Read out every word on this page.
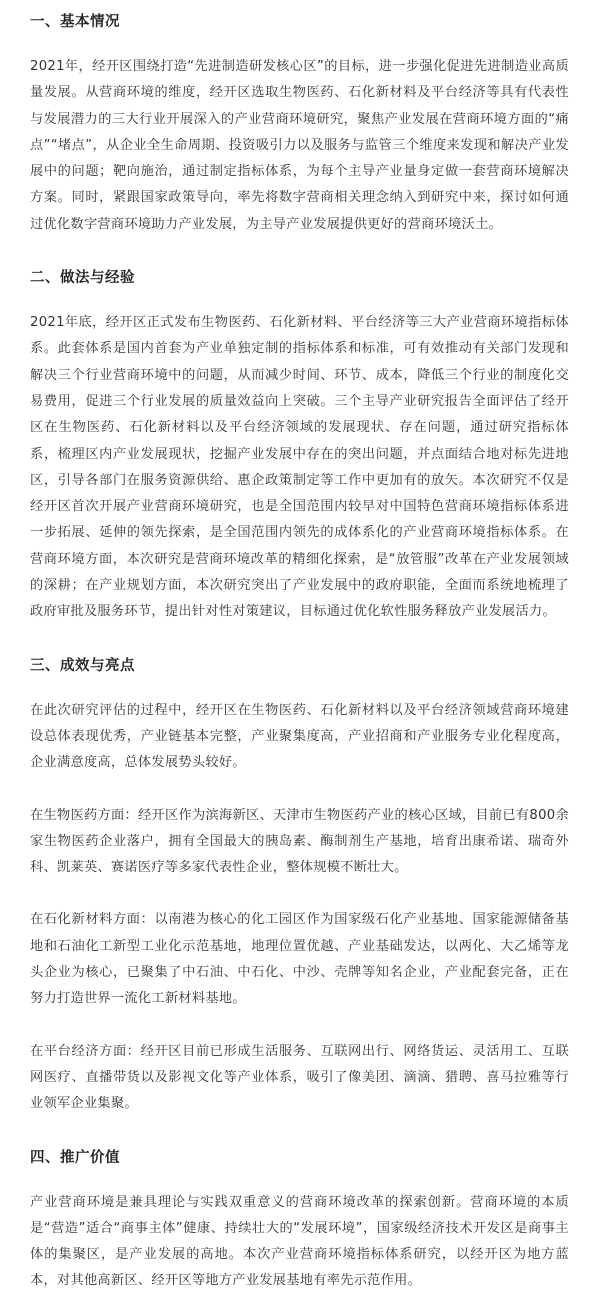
一、基本情况

2021年，经开区围绕打造“先进制造研发核心区”的目标，进一步强化促进先进制造业高质量发展。从营商环境的维度，经开区选取生物医药、石化新材料及平台经济等具有代表性与发展潜力的三大行业开展深入的产业营商环境研究，聚焦产业发展在营商环境方面的“痛点”“堵点”，从企业全生命周期、投资吸引力以及服务与监管三个维度来发现和解决产业发展中的问题；靶向施治，通过制定指标体系，为每个主导产业量身定做一套营商环境解决方案。同时，紧跟国家政策导向，率先将数字营商相关理念纳入到研究中来，探讨如何通过优化数字营商环境助力产业发展，为主导产业发展提供更好的营商环境沃土。

二、做法与经验

2021年底，经开区正式发布生物医药、石化新材料、平台经济等三大产业营商环境指标体系。此套体系是国内首套为产业单独定制的指标体系和标准，可有效推动有关部门发现和解决三个行业营商环境中的问题，从而减少时间、环节、成本，降低三个行业的制度化交易费用，促进三个行业发展的质量效益向上突破。三个主导产业研究报告全面评估了经开区在生物医药、石化新材料以及平台经济领域的发展现状、存在问题，通过研究指标体系，梳理区内产业发展现状，挖掘产业发展中存在的突出问题，并点面结合地对标先进地区，引导各部门在服务资源供给、惠企政策制定等工作中更加有的放矢。本次研究不仅是经开区首次开展产业营商环境研究，也是全国范围内较早对中国特色营商环境指标体系进一步拓展、延伸的领先探索，是全国范围内领先的成体系化的产业营商环境指标体系。在营商环境方面，本次研究是营商环境改革的精细化探索，是“放管服”改革在产业发展领域的深耕；在产业规划方面，本次研究突出了产业发展中的政府职能，全面而系统地梳理了政府审批及服务环节，提出针对性对策建议，目标通过优化软性服务释放产业发展活力。

三、成效与亮点

在此次研究评估的过程中，经开区在生物医药、石化新材料以及平台经济领域营商环境建设总体表现优秀，产业链基本完整，产业聚集度高，产业招商和产业服务专业化程度高，企业满意度高，总体发展势头较好。

在生物医药方面：经开区作为滨海新区、天津市生物医药产业的核心区域，目前已有800余家生物医药企业落户，拥有全国最大的胰岛素、酶制剂生产基地，培育出康希诺、瑞奇外科、凯莱英、赛诺医疗等多家代表性企业，整体规模不断壮大。

在石化新材料方面：以南港为核心的化工园区作为国家级石化产业基地、国家能源储备基地和石油化工新型工业化示范基地，地理位置优越、产业基础发达，以两化、大乙烯等龙头企业为核心，已聚集了中石油、中石化、中沙、壳牌等知名企业，产业配套完备，正在努力打造世界一流化工新材料基地。

在平台经济方面：经开区目前已形成生活服务、互联网出行、网络货运、灵活用工、互联网医疗、直播带货以及影视文化等产业体系，吸引了像美团、滴滴、猎聘、喜马拉雅等行业领军企业集聚。

四、推广价值

产业营商环境是兼具理论与实践双重意义的营商环境改革的探索创新。营商环境的本质是“营造”适合“商事主体”健康、持续壮大的“发展环境”，国家级经济技术开发区是商事主体的集聚区，是产业发展的高地。本次产业营商环境指标体系研究，以经开区为地方蓝本，对其他高新区、经开区等地方产业发展基地有率先示范作用。
